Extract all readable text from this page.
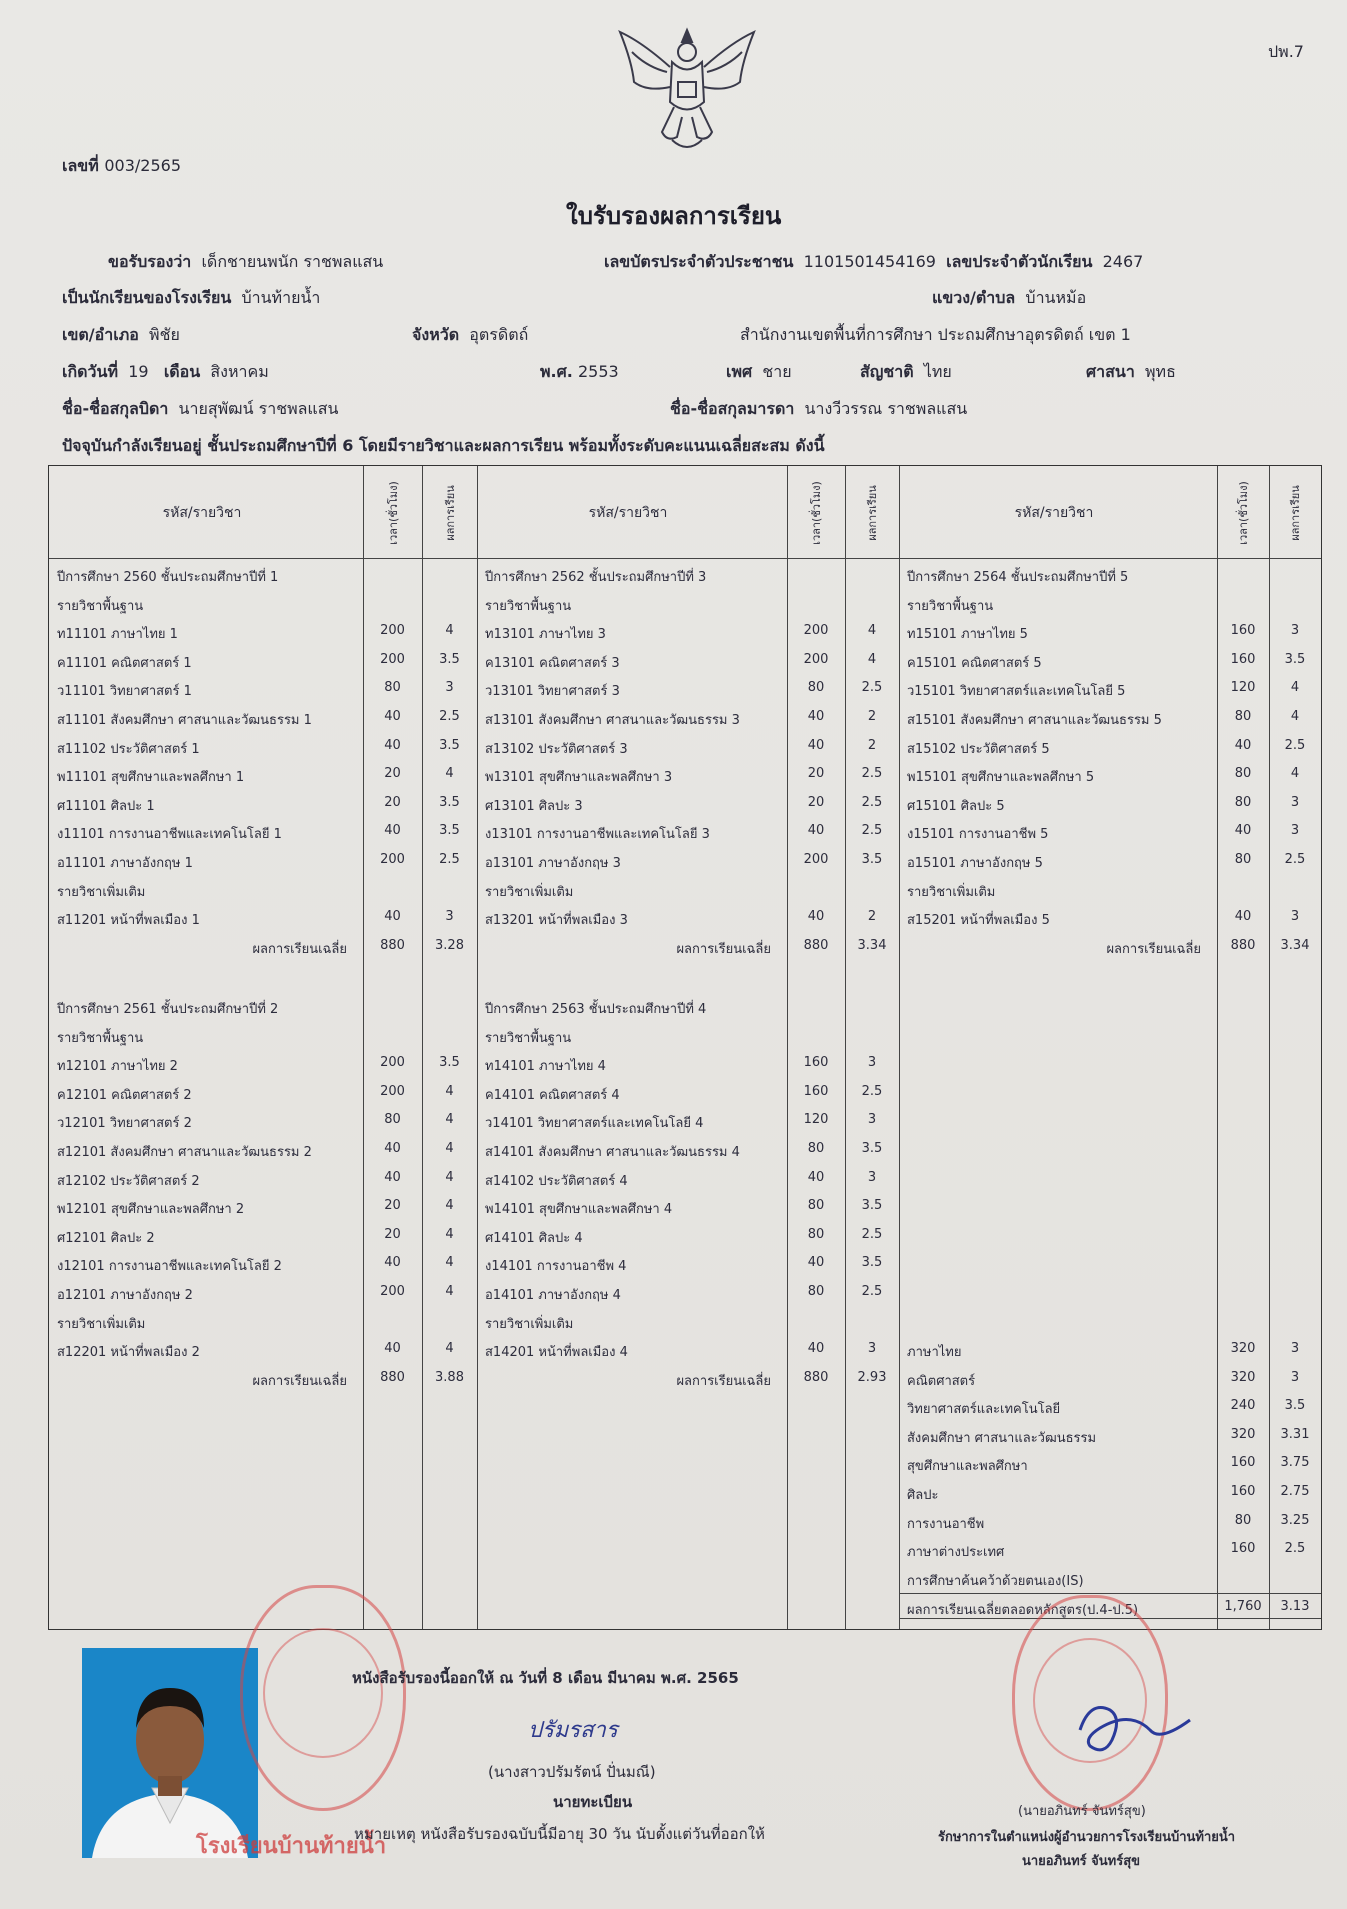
ปพ.7
เลขที่ 003/2565
ใบรับรองผลการเรียน
ขอรับรองว่า เด็กชายนพนัก ราชพลแสน	เลขบัตรประจำตัวประชาชน 1101501454169 เลขประจำตัวนักเรียน 2467
เป็นนักเรียนของโรงเรียน บ้านท้ายน้ำ	แขวง/ตำบล บ้านหม้อ
เขต/อำเภอ พิชัย	จังหวัด อุตรดิตถ์	สำนักงานเขตพื้นที่การศึกษา ประถมศึกษาอุตรดิตถ์ เขต 1
เกิดวันที่ 19 เดือน สิงหาคม	พ.ศ. 2553	เพศ ชาย	สัญชาติ ไทย	ศาสนา พุทธ
ชื่อ-ชื่อสกุลบิดา นายสุพัฒน์ ราชพลแสน	ชื่อ-ชื่อสกุลมารดา นางวีวรรณ ราชพลแสน
ปัจจุบันกำลังเรียนอยู่ ชั้นประถมศึกษาปีที่ 6 โดยมีรายวิชาและผลการเรียน พร้อมทั้งระดับคะแนนเฉลี่ยสะสม ดังนี้
รหัส/รายวิชา	เวลา(ชั่วโมง)	ผลการเรียน	รหัส/รายวิชา	เวลา(ชั่วโมง)	ผลการเรียน	รหัส/รายวิชา	เวลา(ชั่วโมง)	ผลการเรียน
ปีการศึกษา 2560 ชั้นประถมศึกษาปีที่ 1
รายวิชาพื้นฐาน
ท11101 ภาษาไทย 1	200	4
ค11101 คณิตศาสตร์ 1	200	3.5
ว11101 วิทยาศาสตร์ 1	80	3
ส11101 สังคมศึกษา ศาสนาและวัฒนธรรม 1	40	2.5
ส11102 ประวัติศาสตร์ 1	40	3.5
พ11101 สุขศึกษาและพลศึกษา 1	20	4
ศ11101 ศิลปะ 1	20	3.5
ง11101 การงานอาชีพและเทคโนโลยี 1	40	3.5
อ11101 ภาษาอังกฤษ 1	200	2.5
รายวิชาเพิ่มเติม
ส11201 หน้าที่พลเมือง 1	40	3
ผลการเรียนเฉลี่ย	880	3.28
ปีการศึกษา 2561 ชั้นประถมศึกษาปีที่ 2
รายวิชาพื้นฐาน
ท12101 ภาษาไทย 2	200	3.5
ค12101 คณิตศาสตร์ 2	200	4
ว12101 วิทยาศาสตร์ 2	80	4
ส12101 สังคมศึกษา ศาสนาและวัฒนธรรม 2	40	4
ส12102 ประวัติศาสตร์ 2	40	4
พ12101 สุขศึกษาและพลศึกษา 2	20	4
ศ12101 ศิลปะ 2	20	4
ง12101 การงานอาชีพและเทคโนโลยี 2	40	4
อ12101 ภาษาอังกฤษ 2	200	4
รายวิชาเพิ่มเติม
ส12201 หน้าที่พลเมือง 2	40	4
ผลการเรียนเฉลี่ย	880	3.88
ปีการศึกษา 2562 ชั้นประถมศึกษาปีที่ 3
รายวิชาพื้นฐาน
ท13101 ภาษาไทย 3	200	4
ค13101 คณิตศาสตร์ 3	200	4
ว13101 วิทยาศาสตร์ 3	80	2.5
ส13101 สังคมศึกษา ศาสนาและวัฒนธรรม 3	40	2
ส13102 ประวัติศาสตร์ 3	40	2
พ13101 สุขศึกษาและพลศึกษา 3	20	2.5
ศ13101 ศิลปะ 3	20	2.5
ง13101 การงานอาชีพและเทคโนโลยี 3	40	2.5
อ13101 ภาษาอังกฤษ 3	200	3.5
รายวิชาเพิ่มเติม
ส13201 หน้าที่พลเมือง 3	40	2
ผลการเรียนเฉลี่ย	880	3.34
ปีการศึกษา 2563 ชั้นประถมศึกษาปีที่ 4
รายวิชาพื้นฐาน
ท14101 ภาษาไทย 4	160	3
ค14101 คณิตศาสตร์ 4	160	2.5
ว14101 วิทยาศาสตร์และเทคโนโลยี 4	120	3
ส14101 สังคมศึกษา ศาสนาและวัฒนธรรม 4	80	3.5
ส14102 ประวัติศาสตร์ 4	40	3
พ14101 สุขศึกษาและพลศึกษา 4	80	3.5
ศ14101 ศิลปะ 4	80	2.5
ง14101 การงานอาชีพ 4	40	3.5
อ14101 ภาษาอังกฤษ 4	80	2.5
รายวิชาเพิ่มเติม
ส14201 หน้าที่พลเมือง 4	40	3
ผลการเรียนเฉลี่ย	880	2.93
ปีการศึกษา 2564 ชั้นประถมศึกษาปีที่ 5
รายวิชาพื้นฐาน
ท15101 ภาษาไทย 5	160	3
ค15101 คณิตศาสตร์ 5	160	3.5
ว15101 วิทยาศาสตร์และเทคโนโลยี 5	120	4
ส15101 สังคมศึกษา ศาสนาและวัฒนธรรม 5	80	4
ส15102 ประวัติศาสตร์ 5	40	2.5
พ15101 สุขศึกษาและพลศึกษา 5	80	4
ศ15101 ศิลปะ 5	80	3
ง15101 การงานอาชีพ 5	40	3
อ15101 ภาษาอังกฤษ 5	80	2.5
รายวิชาเพิ่มเติม
ส15201 หน้าที่พลเมือง 5	40	3
ผลการเรียนเฉลี่ย	880	3.34
ภาษาไทย	320	3
คณิตศาสตร์	320	3
วิทยาศาสตร์และเทคโนโลยี	240	3.5
สังคมศึกษา ศาสนาและวัฒนธรรม	320	3.31
สุขศึกษาและพลศึกษา	160	3.75
ศิลปะ	160	2.75
การงานอาชีพ	80	3.25
ภาษาต่างประเทศ	160	2.5
การศึกษาค้นคว้าด้วยตนเอง(IS)
ผลการเรียนเฉลี่ยตลอดหลักสูตร(ป.4-ป.5)	1,760	3.13
โรงเรียนบ้านท้ายน้ำ
หนังสือรับรองนี้ออกให้ ณ วันที่ 8 เดือน มีนาคม พ.ศ. 2565
ปรัมรสาร
(นางสาวปรัมรัตน์ ปั่นมณี)
นายทะเบียน
หมายเหตุ หนังสือรับรองฉบับนี้มีอายุ 30 วัน นับตั้งแต่วันที่ออกให้
(นายอภินทร์ จันทร์สุข)
รักษาการในตำแหน่งผู้อำนวยการโรงเรียนบ้านท้ายน้ำ
นายอภินทร์ จันทร์สุข
